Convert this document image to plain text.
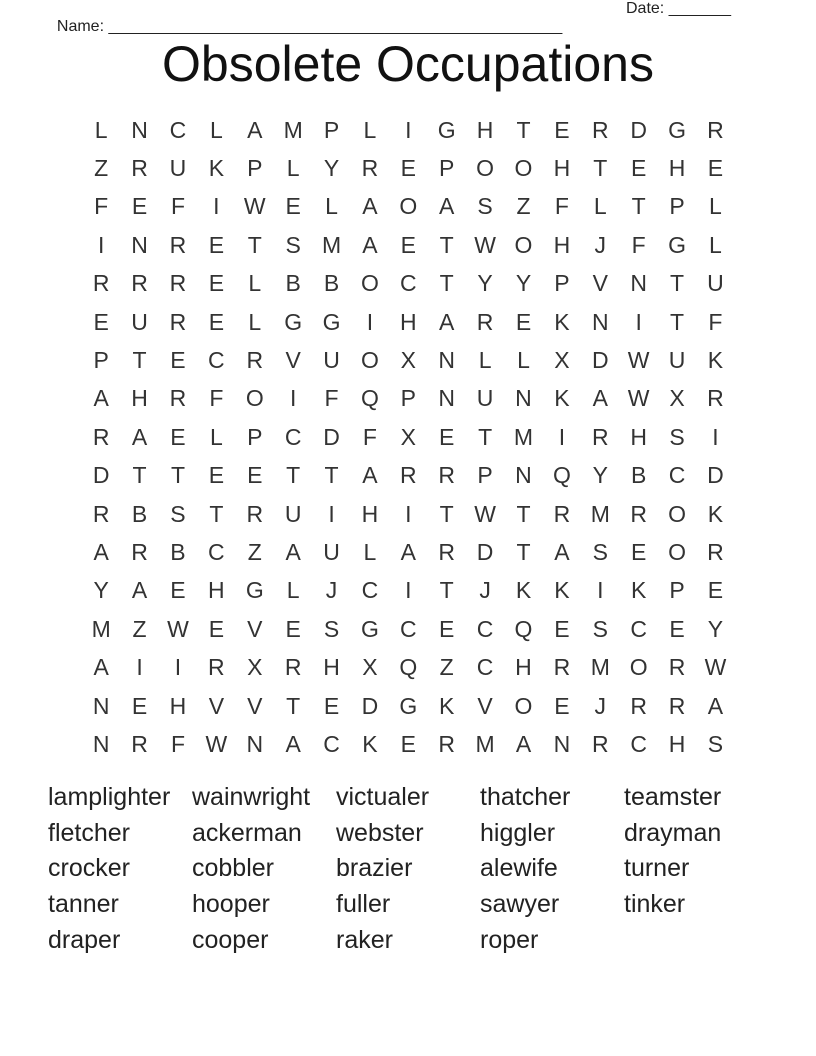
Name: ___________________________________________________

Date: _______

Obsolete Occupations
L	N C	L	A M P	L	I	G H	T	E R D G R
Z	R U K	P	L	Y R E	P O O H	T	E H E
F	E	F	I	W E	L	A O A	S	Z	F	L	T	P	L
I	N R E	T	S M A	E	T W O H	J	F G	L
R R R E	L	B	B O C	T	Y	Y	P	V N	T	U
E U R E	L	G G	I	H A R E	K N	I	T	F
P	T	E C R V U O X N	L	L	X D W U K
A H R	F O	I	F Q P N U N K	A W X R
R A	E	L	P C D	F	X	E	T M	I	R H S	I
D	T	T	E	E	T	T	A R R P N Q Y	B C D
R B	S	T	R U	I	H	I	T W T	R M R O K
A R B C	Z	A U	L	A R D	T	A	S	E O R
Y	A	E H G	L	J	C	I	T	J	K	K	I	K	P	E
M Z W E	V	E	S G C E C Q E	S C E	Y
A	I	I	R X R H X Q Z	C H R M O R W
N E H V	V	T	E D G K	V O E	J	R R A
N R	F W N A C K	E R M A N R C H S
lamplighter wainwright	victualer	thatcher	teamster
fletcher	ackerman	webster	higgler	drayman
crocker	cobbler	brazier	alewife	turner
tanner	hooper	fuller	sawyer	tinker
draper	cooper	raker	roper
